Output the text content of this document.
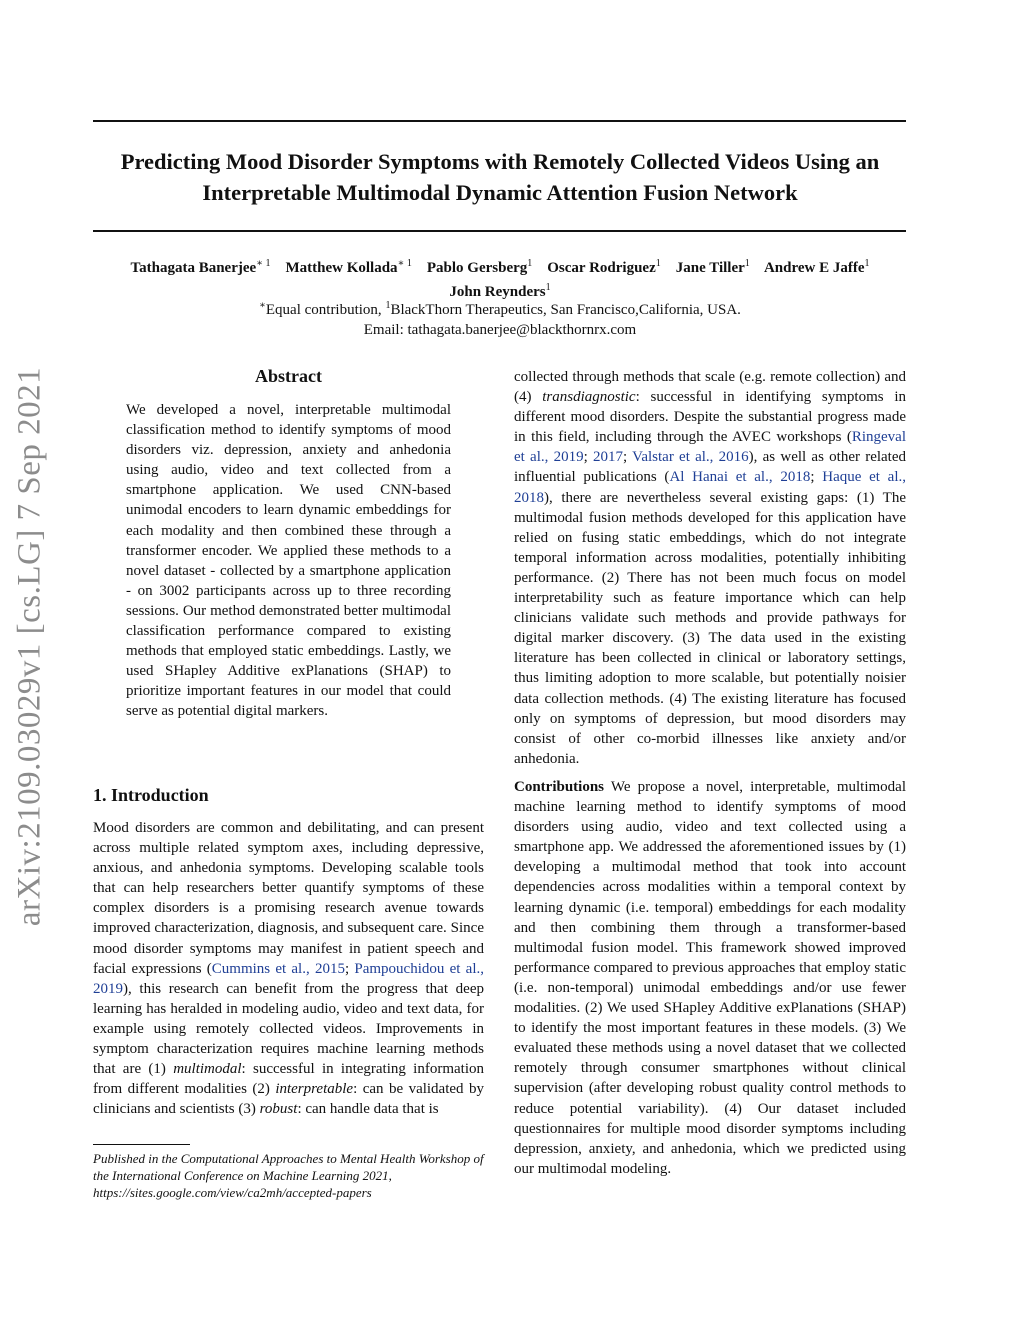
Predicting Mood Disorder Symptoms with Remotely Collected Videos Using an
Interpretable Multimodal Dynamic Attention Fusion Network
Tathagata Banerjee$^{∗ 1}$ Matthew Kollada$^{∗ 1}$ Pablo Gersberg$^1$ Oscar Rodriguez$^1$ Jane Tiller$^1$ Andrew E Jaffe$^1$
John Reynders$^1$
∗Equal contribution, $^1$BlackThorn Therapeutics, San Francisco,California, USA.
Email: tathagata.banerjee@blackthornrx.com
arXiv:2109.03029v1 [cs.LG] 7 Sep 2021	Abstract
We developed a novel, interpretable multimodal classification method to identify symptoms of mood disorders viz. depression, anxiety and anhedonia using audio, video and text collected from a smartphone application. We used CNN-based unimodal encoders to learn dynamic embeddings for each modality and then combined these through a transformer encoder. We applied these methods to a novel dataset - collected by a smartphone application - on 3002 participants across up to three recording sessions. Our method demonstrated better multimodal classification performance compared to existing methods that employed static embeddings. Lastly, we used SHapley Additive exPlanations (SHAP) to prioritize important features in our model that could serve as potential digital markers.
1. Introduction
Mood disorders are common and debilitating, and can present across multiple related symptom axes, including depressive, anxious, and anhedonia symptoms. Developing scalable tools that can help researchers better quantify symptoms of these complex disorders is a promising research avenue towards improved characterization, diagnosis, and subsequent care. Since mood disorder symptoms may manifest in patient speech and facial expressions (Cummins et al., 2015; Pampouchidou et al., 2019), this research can benefit from the progress that deep learning has heralded in modeling audio, video and text data, for example using remotely collected videos. Improvements in symptom characterization requires machine learning methods that are (1) multimodal: successful in integrating information from different modalities (2) interpretable: can be validated by clinicians and scientists (3) robust: can handle data that is
Published in the Computational Approaches to Mental Health Workshop of the International Conference on Machine Learning 2021, https://sites.google.com/view/ca2mh/accepted-papers
collected through methods that scale (e.g. remote collection) and (4) transdiagnostic: successful in identifying symptoms in different mood disorders. Despite the substantial progress made in this field, including through the AVEC workshops (Ringeval et al., 2019; 2017; Valstar et al., 2016), as well as other related influential publications (Al Hanai et al., 2018; Haque et al., 2018), there are nevertheless several existing gaps: (1) The multimodal fusion methods developed for this application have relied on fusing static embeddings, which do not integrate temporal information across modalities, potentially inhibiting performance. (2) There has not been much focus on model interpretability such as feature importance which can help clinicians validate such methods and provide pathways for digital marker discovery. (3) The data used in the existing literature has been collected in clinical or laboratory settings, thus limiting adoption to more scalable, but potentially noisier data collection methods. (4) The existing literature has focused only on symptoms of depression, but mood disorders may consist of other co-morbid illnesses like anxiety and/or anhedonia.
Contributions We propose a novel, interpretable, multimodal machine learning method to identify symptoms of mood disorders using audio, video and text collected using a smartphone app. We addressed the aforementioned issues by (1) developing a multimodal method that took into account dependencies across modalities within a temporal context by learning dynamic (i.e. temporal) embeddings for each modality and then combining them through a transformer-based multimodal fusion model. This framework showed improved performance compared to previous approaches that employ static (i.e. non-temporal) unimodal embeddings and/or use fewer modalities. (2) We used SHapley Additive exPlanations (SHAP) to identify the most important features in these models. (3) We evaluated these methods using a novel dataset that we collected remotely through consumer smartphones without clinical supervision (after developing robust quality control methods to reduce potential variability). (4) Our dataset included questionnaires for multiple mood disorder symptoms including depression, anxiety, and anhedonia, which we predicted using our multimodal modeling.
